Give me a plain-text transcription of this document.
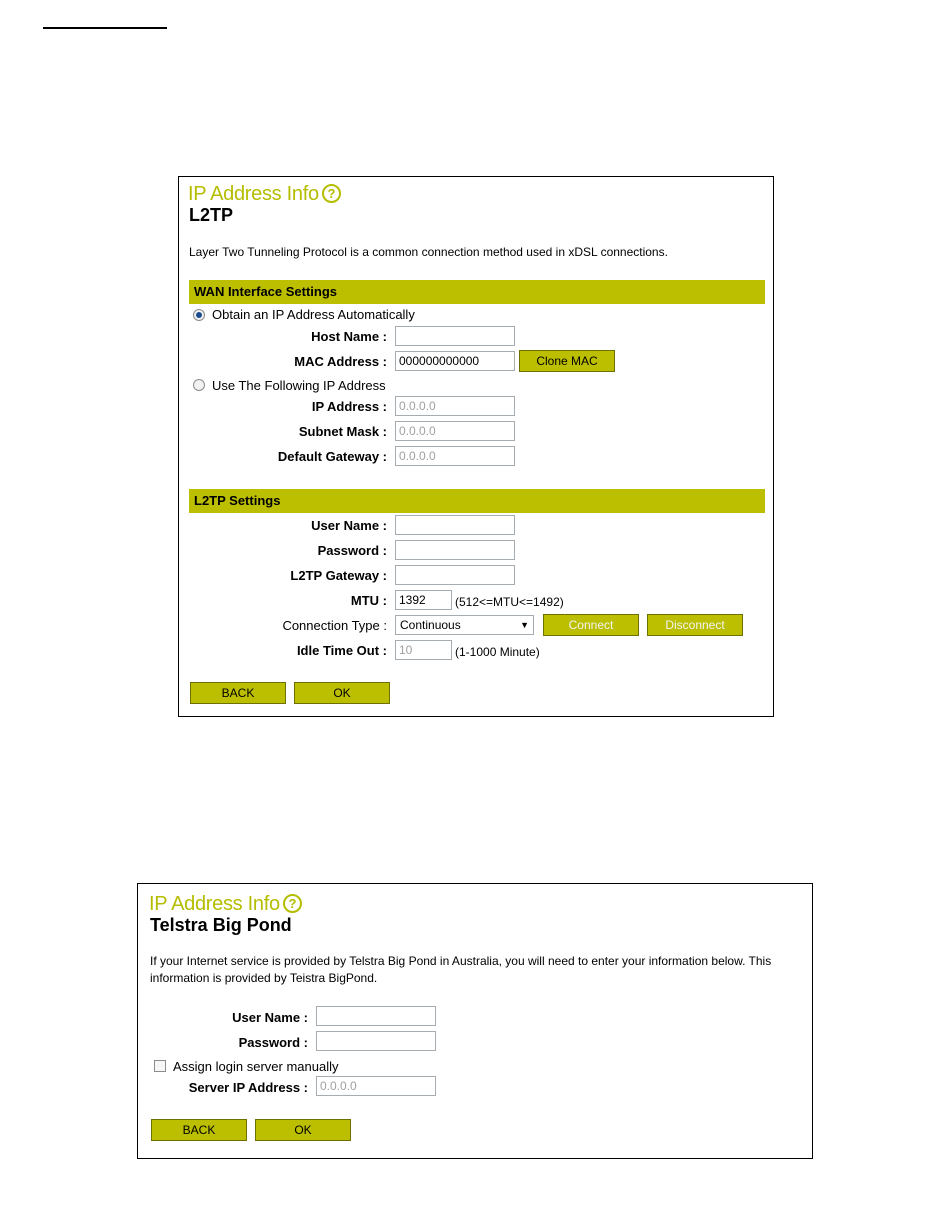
IP Address Info ?
L2TP
Layer Two Tunneling Protocol is a common connection method used in xDSL connections.
WAN Interface Settings
Obtain an IP Address Automatically
Host Name :
MAC Address :	000000000000	Clone MAC
Use The Following IP Address
IP Address :	0.0.0.0
Subnet Mask :	0.0.0.0
Default Gateway :	0.0.0.0
L2TP Settings
User Name :
Password :
L2TP Gateway :
MTU :	1392	(512<=MTU<=1492)
Connection Type :	Continuous	▼	Connect	Disconnect
Idle Time Out :	10	(1-1000 Minute)
BACK	OK
IP Address Info ?
Telstra Big Pond
If your Internet service is provided by Telstra Big Pond in Australia, you will need to enter your information below. This information is provided by Teistra BigPond.
User Name :
Password :
Assign login server manually
Server IP Address :	0.0.0.0
BACK	OK
